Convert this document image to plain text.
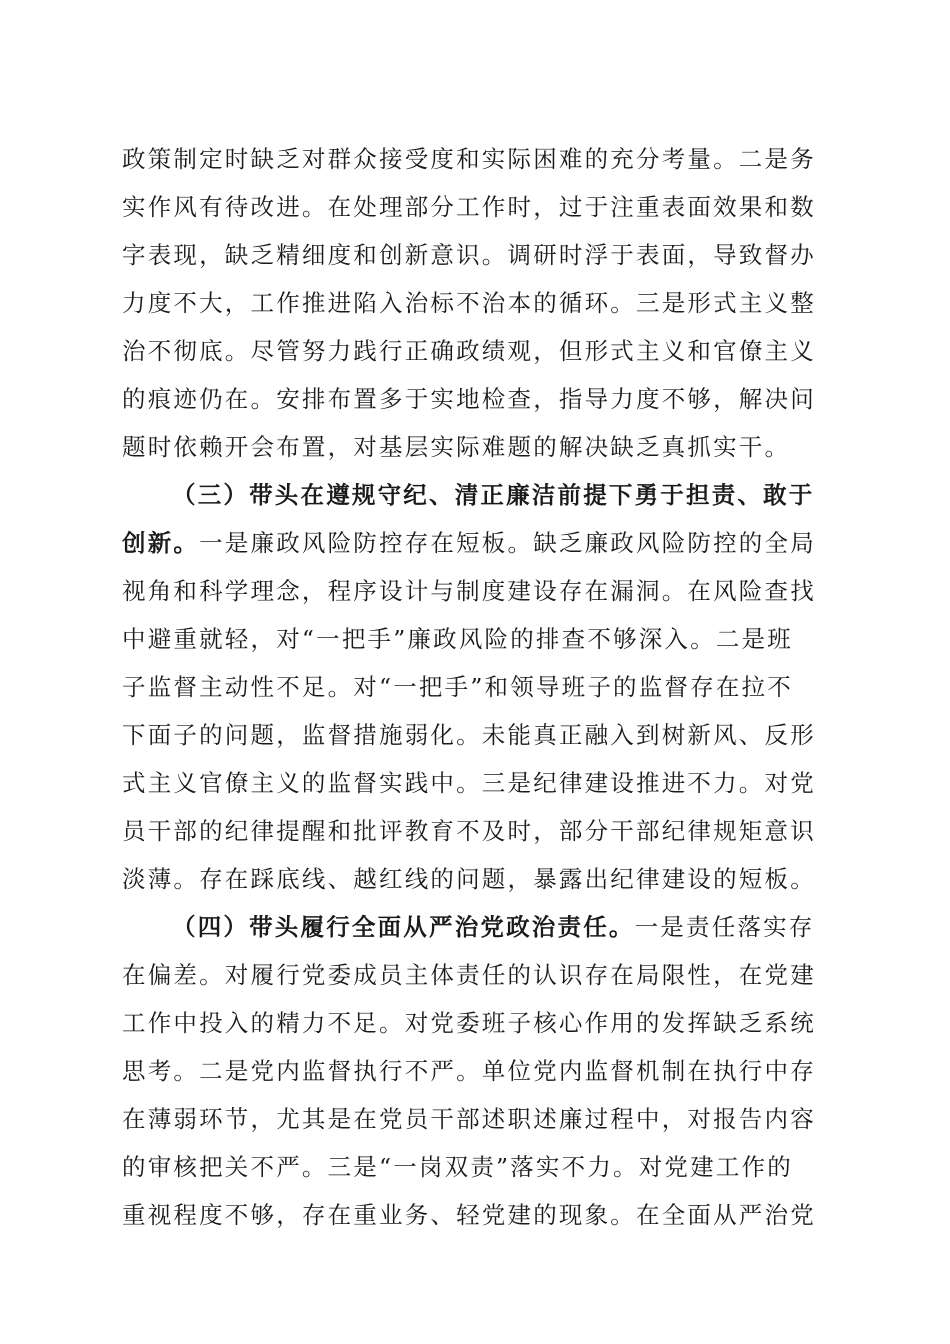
政策制定时缺乏对群众接受度和实际困难的充分考量。二是务
实作风有待改进。在处理部分工作时，过于注重表面效果和数
字表现，缺乏精细度和创新意识。调研时浮于表面，导致督办
力度不大，工作推进陷入治标不治本的循环。三是形式主义整
治不彻底。尽管努力践行正确政绩观，但形式主义和官僚主义
的痕迹仍在。安排布置多于实地检查，指导力度不够，解决问
题时依赖开会布置，对基层实际难题的解决缺乏真抓实干。
（三）带头在遵规守纪、清正廉洁前提下勇于担责、敢于
创新。一是廉政风险防控存在短板。缺乏廉政风险防控的全局
视角和科学理念，程序设计与制度建设存在漏洞。在风险查找
中避重就轻，对“一把手”廉政风险的排查不够深入。二是班
子监督主动性不足。对“一把手”和领导班子的监督存在拉不
下面子的问题，监督措施弱化。未能真正融入到树新风、反形
式主义官僚主义的监督实践中。三是纪律建设推进不力。对党
员干部的纪律提醒和批评教育不及时，部分干部纪律规矩意识
淡薄。存在踩底线、越红线的问题，暴露出纪律建设的短板。
（四）带头履行全面从严治党政治责任。一是责任落实存
在偏差。对履行党委成员主体责任的认识存在局限性，在党建
工作中投入的精力不足。对党委班子核心作用的发挥缺乏系统
思考。二是党内监督执行不严。单位党内监督机制在执行中存
在薄弱环节，尤其是在党员干部述职述廉过程中，对报告内容
的审核把关不严。三是“一岗双责”落实不力。对党建工作的
重视程度不够，存在重业务、轻党建的现象。在全面从严治党
